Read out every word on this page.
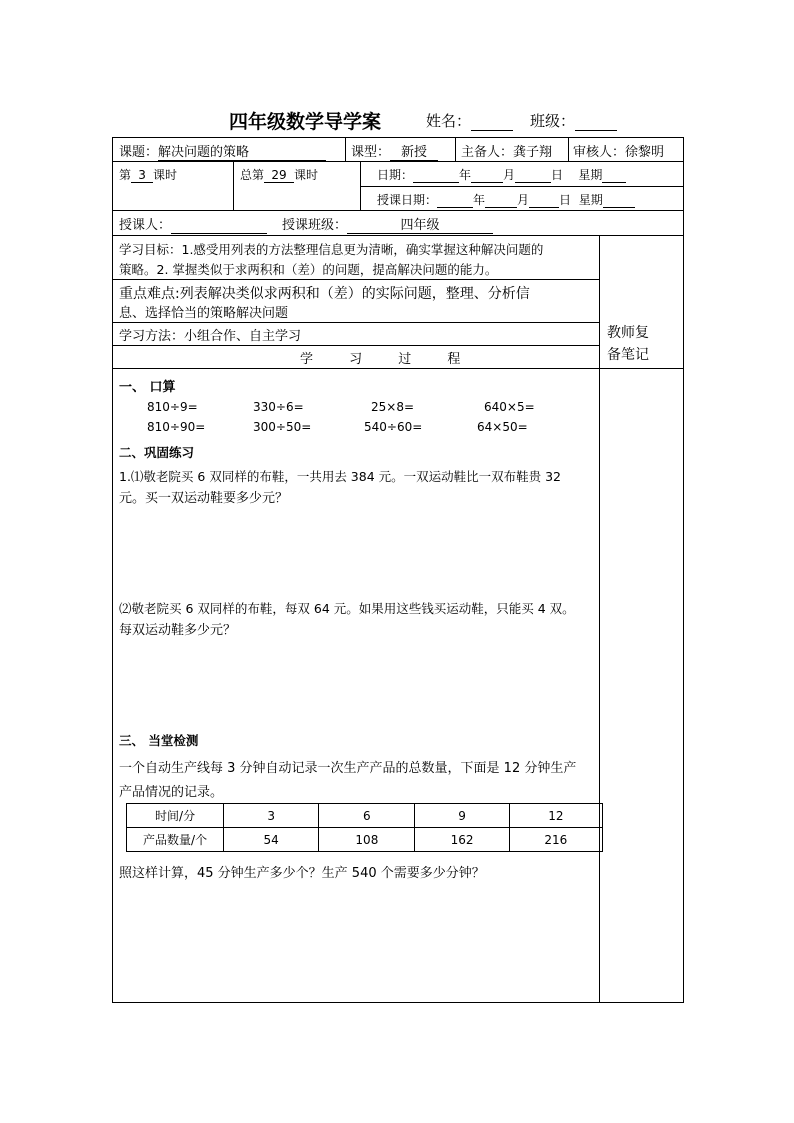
四年级数学导学案	姓名：	班级：
课题：解决问题的策略	课型： 新授	主备人：龚子翔 审核人：徐黎明
第 3 课时	总第 29 课时	日期：	年	月	日 星期
授课日期：	年	月	日 星期
授课人：	授课班级：	四年级
学习目标：1.感受用列表的方法整理信息更为清晰，确实掌握这种解决问题的
策略。2. 掌握类似于求两积和（差）的问题，提高解决问题的能力。
重点难点:列表解决类似求两积和（差）的实际问题，整理、分析信
息、选择恰当的策略解决问题
学习方法：小组合作、自主学习
学 习 过 程
教师复
备笔记
一、 口算
810÷9=	330÷6=	25×8=	640×5=
810÷90=	300÷50=	540÷60=	64×50=
二、巩固练习
1.⑴敬老院买 6 双同样的布鞋，一共用去 384 元。一双运动鞋比一双布鞋贵 32
元。买一双运动鞋要多少元？
⑵敬老院买 6 双同样的布鞋，每双 64 元。如果用这些钱买运动鞋，只能买 4 双。
每双运动鞋多少元？
三、 当堂检测
一个自动生产线每 3 分钟自动记录一次生产产品的总数量，下面是 12 分钟生产
产品情况的记录。
时间/分	3	6	9	12
产品数量/个	54	108	162	216
照这样计算，45 分钟生产多少个？生产 540 个需要多少分钟？
